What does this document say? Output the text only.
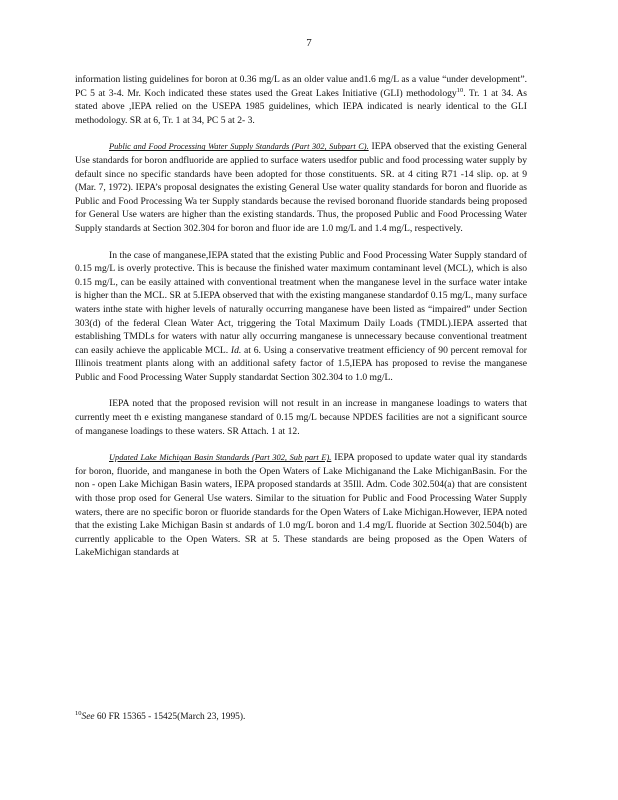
7

information listing guidelines for boron at 0.36 mg/L as an older value and1.6 mg/L as a value “under development”. PC 5 at 3-4. Mr. Koch indicated these states used the Great Lakes Initiative (GLI) methodology$^{10}$. Tr. 1 at 34. As stated above ,IEPA relied on the USEPA 1985 guidelines, which IEPA indicated is nearly identical to the GLI methodology. SR at 6, Tr. 1 at 34, PC 5 at 2- 3.

Public and Food Processing Water Supply Standards (Part 302, Subpart C). IEPA observed that the existing General Use standards for boron andfluoride are applied to surface waters usedfor public and food processing water supply by default since no specific standards have been adopted for those constituents. SR. at 4 citing R71 -14 slip. op. at 9 (Mar. 7, 1972). IEPA’s proposal designates the existing General Use water quality standards for boron and fluoride as Public and Food Processing Wa ter Supply standards because the revised boronand fluoride standards being proposed for General Use waters are higher than the existing standards. Thus, the proposed Public and Food Processing Water Supply standards at Section 302.304 for boron and fluor ide are 1.0 mg/L and 1.4 mg/L, respectively.

In the case of manganese,IEPA stated that the existing Public and Food Processing Water Supply standard of 0.15 mg/L is overly protective. This is because the finished water maximum contaminant level (MCL), which is also 0.15 mg/L, can be easily attained with conventional treatment when the manganese level in the surface water intake is higher than the MCL. SR at 5.IEPA observed that with the existing manganese standardof 0.15 mg/L, many surface waters inthe state with higher levels of naturally occurring manganese have been listed as “impaired” under Section 303(d) of the federal Clean Water Act, triggering the Total Maximum Daily Loads (TMDL).IEPA asserted that establishing TMDLs for waters with natur ally occurring manganese is unnecessary because conventional treatment can easily achieve the applicable MCL. Id. at 6. Using a conservative treatment efficiency of 90 percent removal for Illinois treatment plants along with an additional safety factor of 1.5,IEPA has proposed to revise the manganese Public and Food Processing Water Supply standardat Section 302.304 to 1.0 mg/L.

IEPA noted that the proposed revision will not result in an increase in manganese loadings to waters that currently meet th e existing manganese standard of 0.15 mg/L because NPDES facilities are not a significant source of manganese loadings to these waters. SR Attach. 1 at 12.

Updated Lake Michigan Basin Standards (Part 302, Sub part E). IEPA proposed to update water qual ity standards for boron, fluoride, and manganese in both the Open Waters of Lake Michiganand the Lake MichiganBasin. For the non - open Lake Michigan Basin waters, IEPA proposed standards at 35Ill. Adm. Code 302.504(a) that are consistent with those prop osed for General Use waters. Similar to the situation for Public and Food Processing Water Supply waters, there are no specific boron or fluoride standards for the Open Waters of Lake Michigan.However, IEPA noted that the existing Lake Michigan Basin st andards of 1.0 mg/L boron and 1.4 mg/L fluoride at Section 302.504(b) are currently applicable to the Open Waters. SR at 5. These standards are being proposed as the Open Waters of LakeMichigan standards at

$^{10}$See 60 FR 15365 - 15425(March 23, 1995).
